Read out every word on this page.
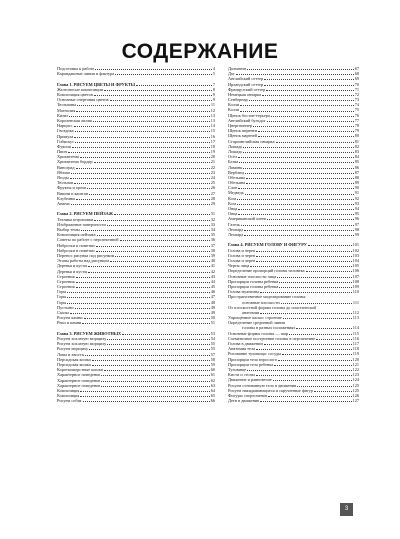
СОДЕРЖАНИЕ
Подготовка к работе	4
Карандашные линии и фактура	5
Глава 1. РИСУЕМ ЦВЕТЫ И ФРУКТЫ	7
Желтоносые композиции	8
Композиция цветов	9
Основные очертания цветов	9
Тюльпаны	11
Магнолия	12
Кизил	13
Королевская лилия	13
Нарцисс	14
Гвоздика	15
Примула	16
Гибискус	17
Фуксия	18
Пион	19
Хризантема	20
Хризантема бордер	21
Виноград	22
Яблоко	23
Ягоды	24
Тюльпан	25
Фрукты и орехи	26
Вишни и каштан	27
Клубника	28
Ананас	29
Глава 2. РИСУЕМ ПЕЙЗАЖ	31
Техника штриховки	32
Изображение поверхности	33
Выбор темы	34
Композиция пейзажа	35
Советы по работе с перспективой	36
Наброски и пометки	37
Наброски и пометки	38
Перенос рисунка под рисунком	39
Этапы работы над рисунком	40
Деревья и кусты	41
Деревья и кусты	42
Строения	43
Строения	44
Строения	45
Горы	46
Горы	47
Горы	48
Пустыни	49
Скалы	49
Рисуем камни	50
Реки и камни	51
Глава 3. РИСУЕМ ЖИВОТНЫХ	53
Рисуем хохлатую морщиху	54
Рисуем хохлатую морщиху	55
Рисуем морщиху	55
Лапы и хвосты	57
Персидская кошка	58
Персидская кошка	59
Короткошерстные кошки	60
Характерное поведение	61
Характерное поведение	62
Характерное поведение	63
Композиция	64
Композиция	65
Рисуем собак	66
Далматин	67
Дог	68
Английский сеттер	69
Ирландский сеттер	70
Французский сеттер	71
Немецкая овчарка	72
Сенбернар	73
Колли	74
Колли	75
Щенок бостон-терьера	76
Английский бульдог	77
Цвергпинчер	78
Щенок пиренеи	79
Щенок мартней	80
Староанглийская овчарка	81
Лошадь	82
Лошадь	83
Осёл	84
Белка	85
Ламинк	86
Верблюд	87
Обезьяна	88
Обезьяна	89
Слон	90
Медведь	91
Коза	92
Коза	93
Овца	94
Овца	95
Американский олень	96
Газель	97
Леопард	98
Леопард	99
Глава 4. РИСУЕМ ГОЛОВУ И ФИГУРУ	101
Голова и череп	102
Голова и череп	103
Голова и череп	104
Черты лица	105
Определение пропорций головы человека	106
Основные плоскости лица	107
Пропорции головы ребенка	108
Пропорции головы ребенка	109
Голова мужчины	110
Пространственное моделирование головы:
основные плоскости	111
От плоскостной формы головы до пластической
анатомии	112
Упрощённое каскос строение	113
Определение срединной линии
головы в разных положениях	114
Основные формы головы — шар	115
Схематичное построение головы в перспективе	116
Голова в движении	117
Анатомия тела	118
Рисование туловища: сосуды	119
Пропорции тела взрослого	120
Пропорции тела ребенка	121
Туловище	122
Кисти и стопы	123
Движение и равновесие	124
Рисуем основанную тело в движении	125
Рисуем накидывающиеся и скрученные фигур	125
Фигуры спортсменов	126
Дети в движении	127
3
